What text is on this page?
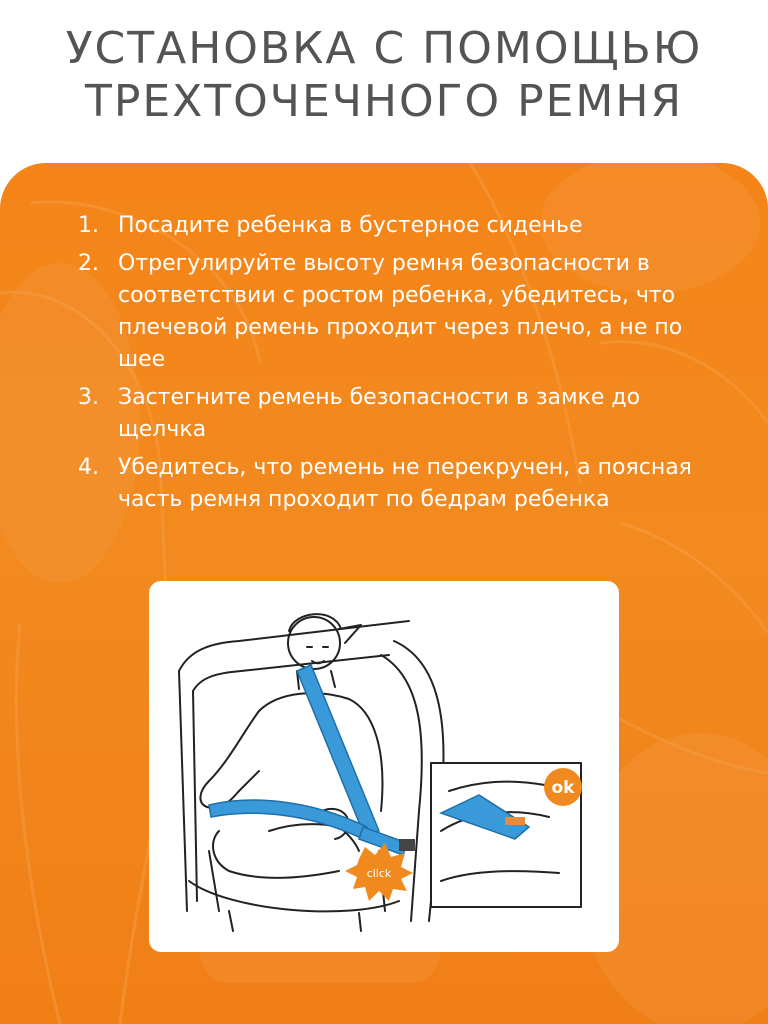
УСТАНОВКА С ПОМОЩЬЮ
ТРЕХТОЧЕЧНОГО РЕМНЯ
1. Посадите ребенка в бустерное сиденье
2. Отрегулируйте высоту ремня безопасности в соответствии с ростом ребенка, убедитесь, что плечевой ремень проходит через плечо, а не по шее
3. Застегните ремень безопасности в замке до щелчка
4. Убедитесь, что ремень не перекручен, а поясная часть ремня проходит по бедрам ребенка
click
ok
